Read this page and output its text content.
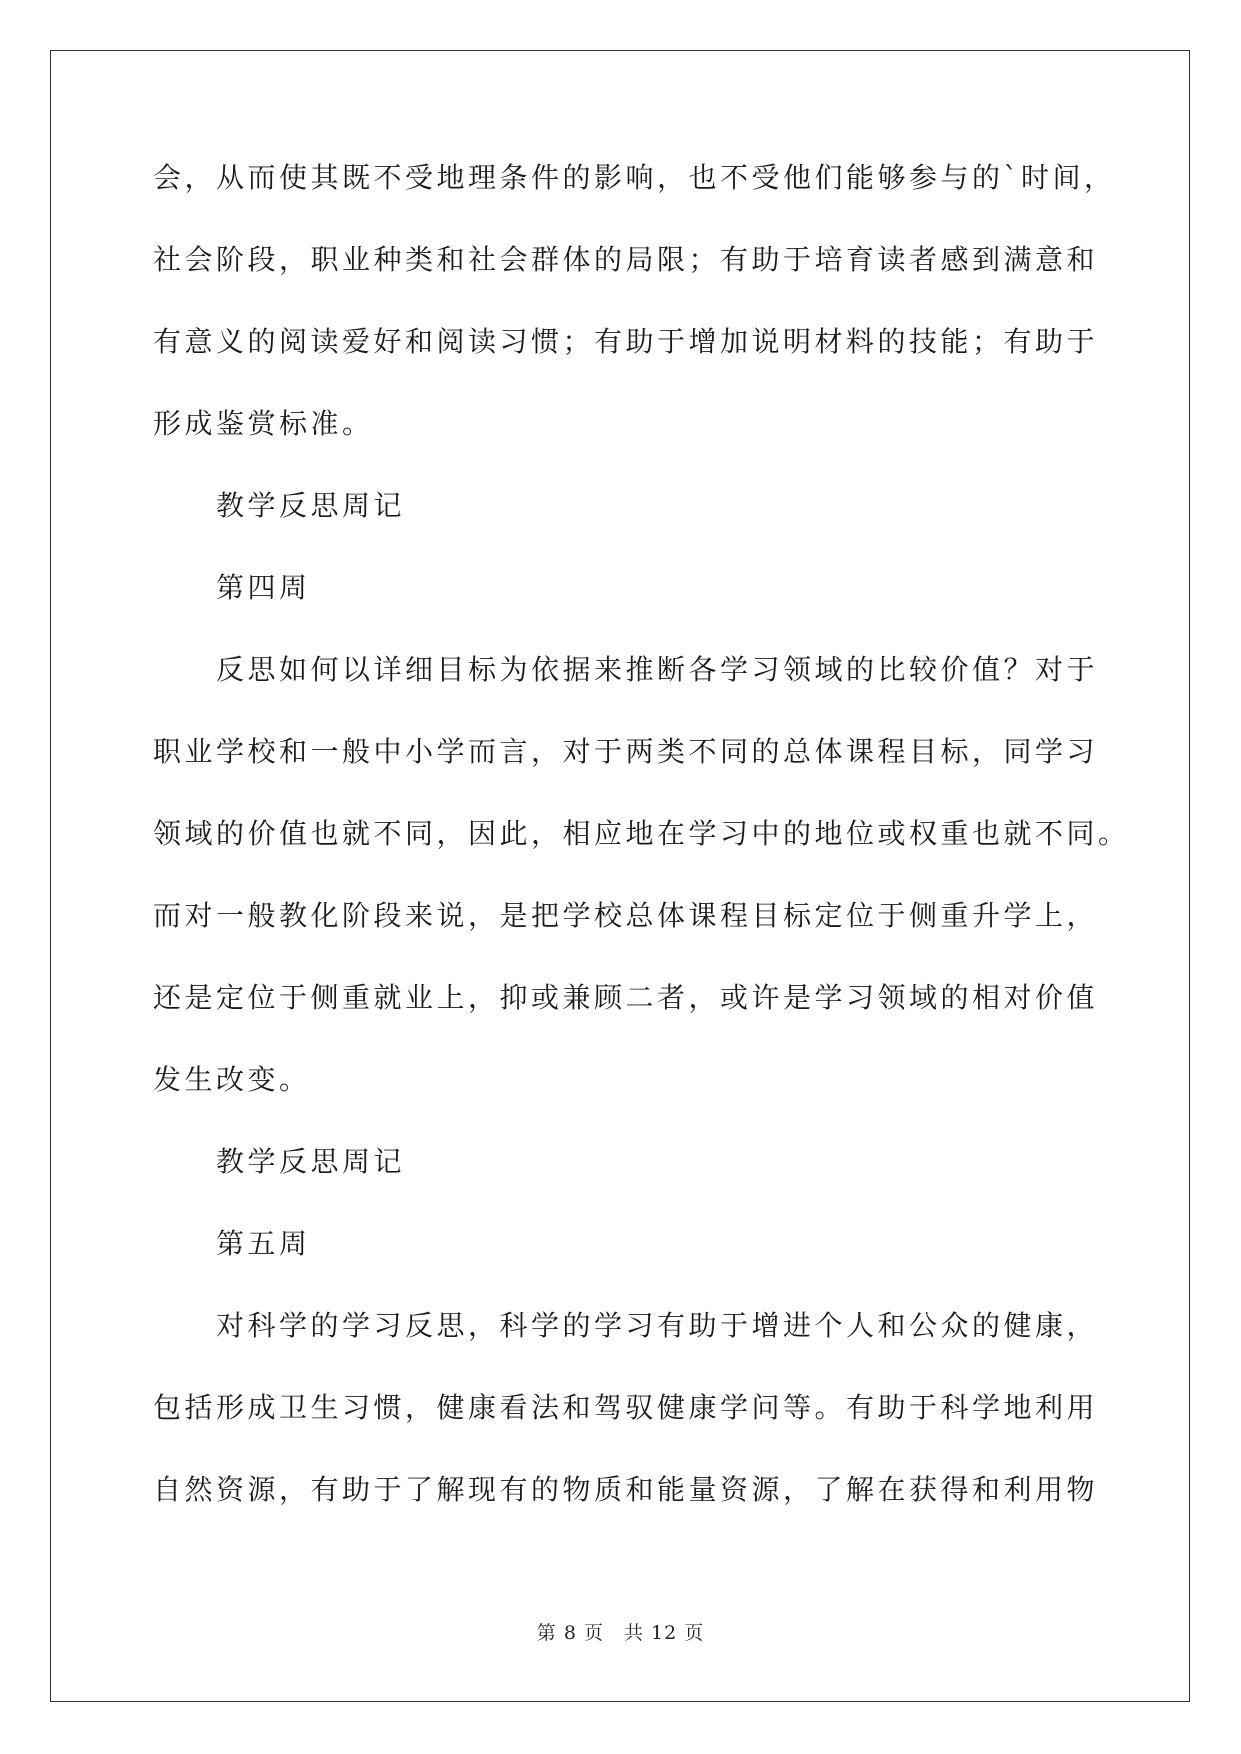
会，从而使其既不受地理条件的影响，也不受他们能够参与的`时间，
社会阶段，职业种类和社会群体的局限；有助于培育读者感到满意和
有意义的阅读爱好和阅读习惯；有助于增加说明材料的技能；有助于
形成鉴赏标准。
教学反思周记
第四周
反思如何以详细目标为依据来推断各学习领域的比较价值？对于
职业学校和一般中小学而言，对于两类不同的总体课程目标，同学习
领域的价值也就不同，因此，相应地在学习中的地位或权重也就不同。
而对一般教化阶段来说，是把学校总体课程目标定位于侧重升学上，
还是定位于侧重就业上，抑或兼顾二者，或许是学习领域的相对价值
发生改变。
教学反思周记
第五周
对科学的学习反思，科学的学习有助于增进个人和公众的健康，
包括形成卫生习惯，健康看法和驾驭健康学问等。有助于科学地利用
自然资源，有助于了解现有的物质和能量资源，了解在获得和利用物
第 8 页　共 12 页
